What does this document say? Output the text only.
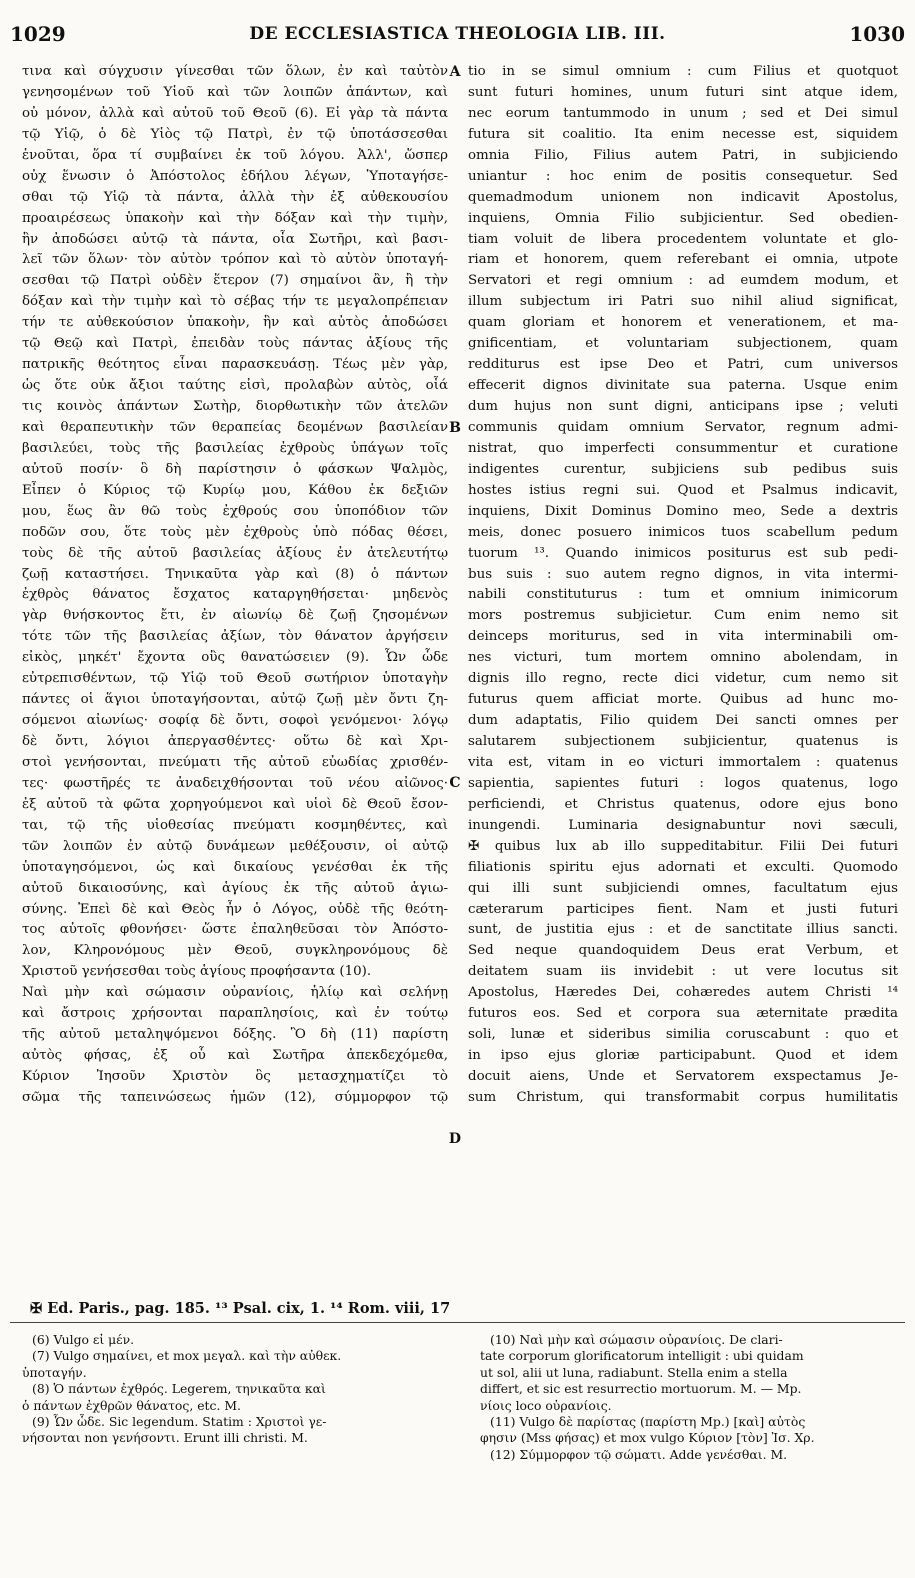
1029	DE ECCLESIASTICA THEOLOGIA LIB. III.	1030
τινα καὶ σύγχυσιν γίνεσθαι τῶν ὅλων, ἐν καὶ ταὐτὸν
γενησομένων τοῦ Υἱοῦ καὶ τῶν λοιπῶν ἁπάντων, καὶ
οὐ μόνον, ἀλλὰ καὶ αὐτοῦ τοῦ Θεοῦ (6). Εἰ γὰρ τὰ πάντα
τῷ Υἱῷ, ὁ δὲ Υἱὸς τῷ Πατρὶ, ἐν τῷ ὑποτάσσεσθαι
ἑνοῦται, ὅρα τί συμβαίνει ἐκ τοῦ λόγου. Ἀλλ', ὥσπερ
οὐχ ἕνωσιν ὁ Ἀπόστολος ἐδήλου λέγων, Ὑποταγήσε-
σθαι τῷ Υἱῷ τὰ πάντα, ἀλλὰ τὴν ἐξ αὐθεκουσίου
προαιρέσεως ὑπακοὴν καὶ τὴν δόξαν καὶ τὴν τιμὴν,
ἣν ἀποδώσει αὐτῷ τὰ πάντα, οἷα Σωτῆρι, καὶ βασι-
λεῖ τῶν ὅλων· τὸν αὐτὸν τρόπον καὶ τὸ αὐτὸν ὑποταγή-
σεσθαι τῷ Πατρὶ οὐδὲν ἕτερον (7) σημαίνοι ἂν, ἢ τὴν
δόξαν καὶ τὴν τιμὴν καὶ τὸ σέβας τήν τε μεγαλοπρέπειαν
τήν τε αὐθεκούσιον ὑπακοὴν, ἣν καὶ αὐτὸς ἀποδώσει
τῷ Θεῷ καὶ Πατρὶ, ἐπειδὰν τοὺς πάντας ἀξίους τῆς
πατρικῆς θεότητος εἶναι παρασκευάσῃ. Τέως μὲν γὰρ,
ὡς ὅτε οὐκ ἄξιοι ταύτης εἰσὶ, προλαβὼν αὐτὸς, οἷά
τις κοινὸς ἁπάντων Σωτὴρ, διορθωτικὴν τῶν ἀτελῶν
καὶ θεραπευτικὴν τῶν θεραπείας δεομένων βασιλείαν
βασιλεύει, τοὺς τῆς βασιλείας ἐχθροὺς ὑπάγων τοῖς
αὐτοῦ ποσίν· ὃ δὴ παρίστησιν ὁ φάσκων Ψαλμὸς,
Εἶπεν ὁ Κύριος τῷ Κυρίῳ μου, Κάθου ἐκ δεξιῶν
μου, ἕως ἂν θῶ τοὺς ἐχθρούς σου ὑποπόδιον τῶν
ποδῶν σου, ὅτε τοὺς μὲν ἐχθροὺς ὑπὸ πόδας θέσει,
τοὺς δὲ τῆς αὐτοῦ βασιλείας ἀξίους ἐν ἀτελευτήτῳ
ζωῇ καταστήσει. Τηνικαῦτα γὰρ καὶ (8) ὁ πάντων
ἐχθρὸς θάνατος ἔσχατος καταργηθήσεται· μηδενὸς
γὰρ θνήσκοντος ἔτι, ἐν αἰωνίῳ δὲ ζωῇ ζησομένων
τότε τῶν τῆς βασιλείας ἀξίων, τὸν θάνατον ἀργήσειν
εἰκὸς, μηκέτ' ἔχοντα οὓς θανατώσειεν (9). Ὧν ὧδε
εὐτρεπισθέντων, τῷ Υἱῷ τοῦ Θεοῦ σωτήριον ὑποταγὴν
πάντες οἱ ἅγιοι ὑποταγήσονται, αὐτῷ ζωῇ μὲν ὄντι ζη-
σόμενοι αἰωνίως· σοφίᾳ δὲ ὄντι, σοφοὶ γενόμενοι· λόγῳ
δὲ ὄντι, λόγιοι ἀπεργασθέντες· οὕτω δὲ καὶ Χρι-
στοὶ γενήσονται, πνεύματι τῆς αὐτοῦ εὐωδίας χρισθέν-
τες· φωστῆρές τε ἀναδειχθήσονται τοῦ νέου αἰῶνος·
ἐξ αὐτοῦ τὰ φῶτα χορηγούμενοι καὶ υἱοὶ δὲ Θεοῦ ἔσον-
ται, τῷ τῆς υἱοθεσίας πνεύματι κοσμηθέντες, καὶ
τῶν λοιπῶν ἐν αὐτῷ δυνάμεων μεθέξουσιν, οἱ αὐτῷ
ὑποταγησόμενοι, ὡς καὶ δικαίους γενέσθαι ἐκ τῆς
αὐτοῦ δικαιοσύνης, καὶ ἁγίους ἐκ τῆς αὐτοῦ ἁγιω-
σύνης. Ἐπεὶ δὲ καὶ Θεὸς ἦν ὁ Λόγος, οὐδὲ τῆς θεότη-
τος αὐτοῖς φθονήσει· ὥστε ἐπαληθεῦσαι τὸν Ἀπόστο-
λον, Κληρονόμους μὲν Θεοῦ, συγκληρονόμους δὲ
Χριστοῦ γενήσεσθαι τοὺς ἁγίους προφήσαντα (10).
Ναὶ μὴν καὶ σώμασιν οὐρανίοις, ἡλίῳ καὶ σελήνῃ
καὶ ἄστροις χρήσονται παραπλησίοις, καὶ ἐν τούτῳ
τῆς αὐτοῦ μεταληψόμενοι δόξης. Ὃ δὴ (11) παρίστη
αὐτὸς φήσας, ἐξ οὗ καὶ Σωτῆρα ἀπεκδεχόμεθα,
Κύριον Ἰησοῦν Χριστὸν ὃς μετασχηματίζει τὸ
σῶμα τῆς ταπεινώσεως ἡμῶν (12), σύμμορφον τῷ
A
B
C
D
tio in se simul omnium : cum Filius et quotquot
sunt futuri homines, unum futuri sint atque idem,
nec eorum tantummodo in unum ; sed et Dei simul
futura sit coalitio. Ita enim necesse est, siquidem
omnia Filio, Filius autem Patri, in subjiciendo
uniantur : hoc enim de positis consequetur. Sed
quemadmodum unionem non indicavit Apostolus,
inquiens, Omnia Filio subjicientur. Sed obedien-
tiam voluit de libera procedentem voluntate et glo-
riam et honorem, quem referebant ei omnia, utpote
Servatori et regi omnium : ad eumdem modum, et
illum subjectum iri Patri suo nihil aliud significat,
quam gloriam et honorem et venerationem, et ma-
gnificentiam, et voluntariam subjectionem, quam
redditurus est ipse Deo et Patri, cum universos
effecerit dignos divinitate sua paterna. Usque enim
dum hujus non sunt digni, anticipans ipse ; veluti
communis quidam omnium Servator, regnum admi-
nistrat, quo imperfecti consummentur et curatione
indigentes curentur, subjiciens sub pedibus suis
hostes istius regni sui. Quod et Psalmus indicavit,
inquiens, Dixit Dominus Domino meo, Sede a dextris
meis, donec posuero inimicos tuos scabellum pedum
tuorum ¹³. Quando inimicos positurus est sub pedi-
bus suis : suo autem regno dignos, in vita intermi-
nabili constituturus : tum et omnium inimicorum
mors postremus subjicietur. Cum enim nemo sit
deinceps moriturus, sed in vita interminabili om-
nes victuri, tum mortem omnino abolendam, in
dignis illo regno, recte dici videtur, cum nemo sit
futurus quem afficiat morte. Quibus ad hunc mo-
dum adaptatis, Filio quidem Dei sancti omnes per
salutarem subjectionem subjicientur, quatenus is
vita est, vitam in eo victuri immortalem : quatenus
sapientia, sapientes futuri : logos quatenus, logo
perficiendi, et Christus quatenus, odore ejus bono
inungendi. Luminaria designabuntur novi sæculi,
✠ quibus lux ab illo suppeditabitur. Filii Dei futuri
filiationis spiritu ejus adornati et exculti. Quomodo
qui illi sunt subjiciendi omnes, facultatum ejus
cæterarum participes fient. Nam et justi futuri
sunt, de justitia ejus : et de sanctitate illius sancti.
Sed neque quandoquidem Deus erat Verbum, et
deitatem suam iis invidebit : ut vere locutus sit
Apostolus, Hæredes Dei, cohæredes autem Christi ¹⁴
futuros eos. Sed et corpora sua æternitate prædita
soli, lunæ et sideribus similia coruscabunt : quo et
in ipso ejus gloriæ participabunt. Quod et idem
docuit aiens, Unde et Servatorem exspectamus Je-
sum Christum, qui transformabit corpus humilitatis
✠ Ed. Paris., pag. 185. ¹³ Psal. cix, 1. ¹⁴ Rom. viii, 17
(6) Vulgo εἰ μέν.
(7) Vulgo σημαίνει, et mox μεγαλ. καὶ τὴν αὐθεκ.
ὑποταγήν.
(8) Ὁ πάντων ἐχθρός. Legerem, τηνικαῦτα καὶ
ὁ πάντων ἐχθρῶν θάνατος, etc. M.
(9) Ὧν ὧδε. Sic legendum. Statim : Χριστοὶ γε-
νήσονται non γενήσοντι. Erunt illi christi. M.
(10) Ναὶ μὴν καὶ σώμασιν οὐρανίοις. De clari-
tate corporum glorificatorum intelligit : ubi quidam
ut sol, alii ut luna, radiabunt. Stella enim a stella
differt, et sic est resurrectio mortuorum. M. — Mp.
νίοις loco οὐρανίοις.
(11) Vulgo δὲ παρίστας (παρίστη Mp.) [καὶ] αὐτὸς
φησιν (Mss φήσας) et mox vulgo Κύριον [τὸν] Ἰσ. Χρ.
(12) Σύμμορφον τῷ σώματι. Adde γενέσθαι. M.
